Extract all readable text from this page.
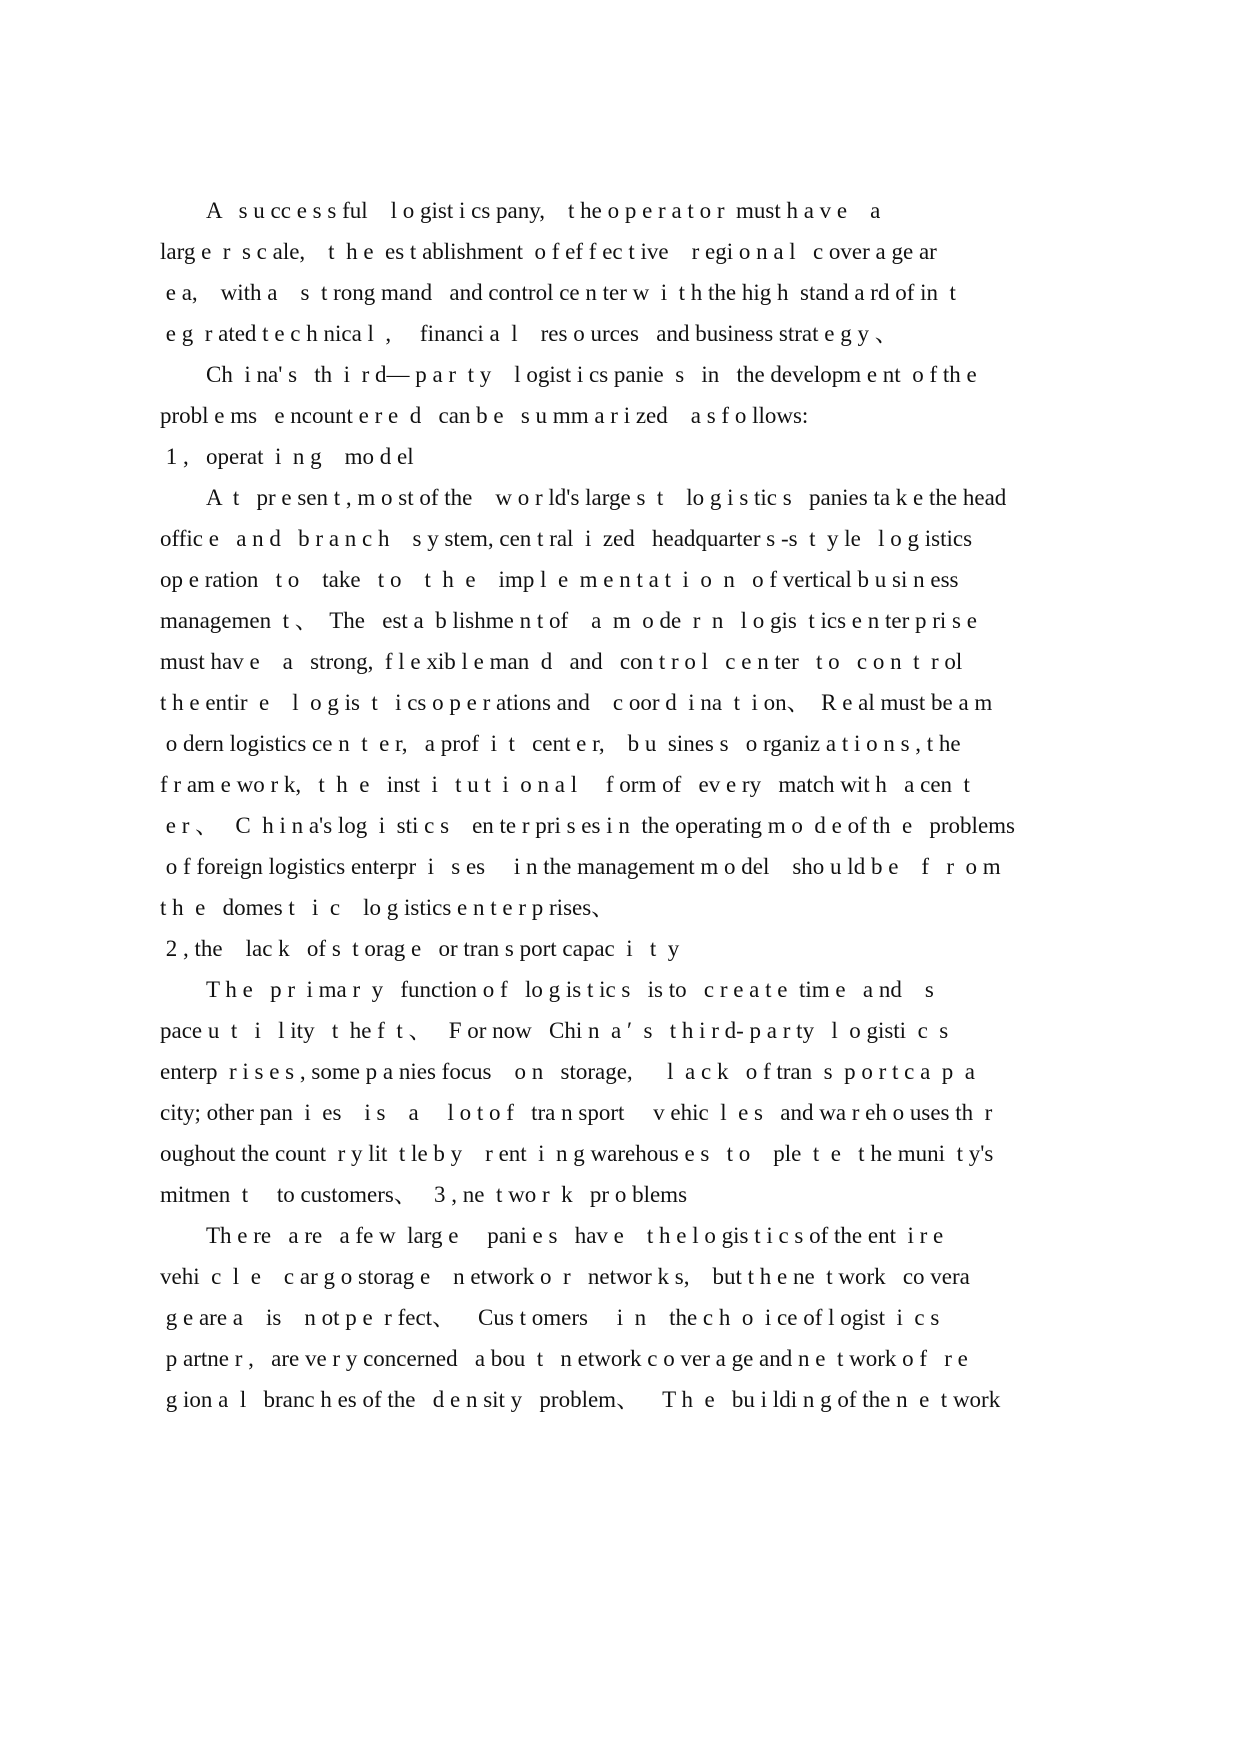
A   s u cc e s s ful    l o gist i cs pany,    t he o p e r a t o r  must h a v e    a
larg e  r  s c ale,    t  h e  es t ablishment  o f ef f ec t ive    r egi o n a l   c over a ge ar
e a,    with a    s  t rong mand   and control ce n ter w  i  t h the hig h  stand a rd of in  t
e g  r ated t e c h nica l  ,     financi a  l    res o urces   and business strat e g y 、
Ch  i na' s   th  i  r d— p a r  t y    l ogist i cs panie  s   in   the developm e nt  o f th e
probl e ms   e ncount e r e  d   can b e   s u mm a r i zed    a s f o llows:
1 ,   operat  i  n g    mo d el
A  t   pr e sen t , m o st of the    w o r ld's large s  t    lo g i s tic s   panies ta k e the head
offic e   a n d   b r a n c h    s y stem, cen t ral  i  zed   headquarter s -s  t  y le   l o g istics
op e ration   t o    take   t o    t  h  e    imp l  e  m e n t a t  i  o  n   o f vertical b u si n ess
managemen  t 、  The   est a  b lishme n t of    a  m  o de  r  n   l o gis  t ics e n ter p ri s e
must hav e    a   strong,  f l e xib l e man  d   and   con t r o l   c e n ter   t o   c o n  t  r ol
t h e entir  e    l  o g is  t   i cs o p e r ations and    c oor d  i na  t  i on、  R e al must be a m
o dern logistics ce n  t  e r,   a prof  i  t   cent e r,    b u  sines s   o rganiz a t i o n s , t he
f r am e wo r k,   t  h  e   inst  i   t u t  i  o n a l     f orm of   ev e ry   match wit h   a cen  t
e r 、   C  h i n a's log  i  sti c s    en te r pri s es i n  the operating m o  d e of th  e   problems
o f foreign logistics enterpr  i   s es     i n the management m o del    sho u ld b e    f   r  o m
t h  e   domes t   i  c    lo g istics e n t e r p rises、
2 , the    lac k   of s  t orag e   or tran s port capac  i   t  y
T h e   p r  i ma r  y   function o f   lo g is t ic s   is to   c r e a t e  tim e   a nd    s
pace u  t   i   l ity   t  he f  t 、   F or now   Chi n  a ′  s   t h i r d- p a r ty   l  o gisti  c  s
enterp  r i s e s , some p a nies focus    o n   storage,      l  a c k   o f tran  s  p o r t c a  p  a
city; other pan  i  es    i s    a     l o t o f   tra n sport     v ehic  l  e s   and wa r eh o uses th  r
oughout the count  r y lit  t le b y    r ent  i  n g warehous e s   t o    ple  t  e   t he muni  t y's
mitmen  t     to customers、   3 , ne  t wo r  k   pr o blems
Th e re   a re   a fe w  larg e     pani e s   hav e    t h e l o gis t i c s of the ent  i r e
vehi  c  l  e    c ar g o storag e    n etwork o  r   networ k s,    but t h e ne  t work   co vera
g e are a    is    n ot p e  r fect、    Cus t omers     i  n    the c h  o  i ce of l ogist  i  c s
p artne r ,   are ve r y concerned   a bou  t   n etwork c o ver a ge and n e  t work o f   r e
g ion a  l   branc h es of the   d e n sit y   problem、    T h  e   bu i ldi n g of the n  e  t work
